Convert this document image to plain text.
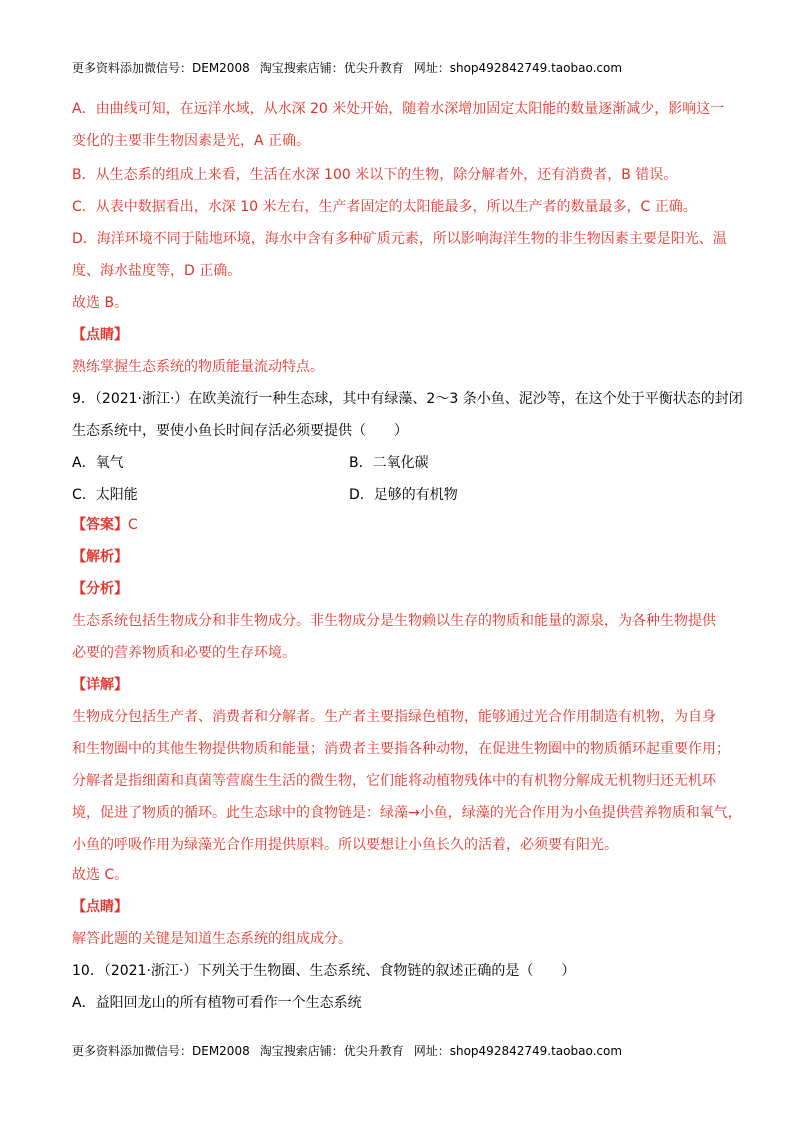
更多资料添加微信号：DEM2008 淘宝搜索店铺：优尖升教育 网址：shop492842749.taobao.com
A．由曲线可知，在远洋水域，从水深 20 米处开始，随着水深增加固定太阳能的数量逐渐减少，影响这一
变化的主要非生物因素是光，A 正确。
B．从生态系的组成上来看，生活在水深 100 米以下的生物，除分解者外，还有消费者，B 错误。
C．从表中数据看出，水深 10 米左右，生产者固定的太阳能最多，所以生产者的数量最多，C 正确。
D．海洋环境不同于陆地环境，海水中含有多种矿质元素，所以影响海洋生物的非生物因素主要是阳光、温
度、海水盐度等，D 正确。
故选 B。
【点睛】
熟练掌握生态系统的物质能量流动特点。
9．（2021·浙江·）在欧美流行一种生态球，其中有绿藻、2～3 条小鱼、泥沙等，在这个处于平衡状态的封闭
生态系统中，要使小鱼长时间存活必须要提供（　　）
A．氧气	B．二氧化碳
C．太阳能	D．足够的有机物
【答案】C
【解析】
【分析】
生态系统包括生物成分和非生物成分。非生物成分是生物赖以生存的物质和能量的源泉，为各种生物提供
必要的营养物质和必要的生存环境。
【详解】
生物成分包括生产者、消费者和分解者。生产者主要指绿色植物，能够通过光合作用制造有机物，为自身
和生物圈中的其他生物提供物质和能量；消费者主要指各种动物，在促进生物圈中的物质循环起重要作用；
分解者是指细菌和真菌等营腐生生活的微生物，它们能将动植物残体中的有机物分解成无机物归还无机环
境，促进了物质的循环。此生态球中的食物链是：绿藻→小鱼，绿藻的光合作用为小鱼提供营养物质和氧气，
小鱼的呼吸作用为绿藻光合作用提供原料。所以要想让小鱼长久的活着，必须要有阳光。
故选 C。
【点睛】
解答此题的关键是知道生态系统的组成成分。
10．（2021·浙江·）下列关于生物圈、生态系统、食物链的叙述正确的是（　　）
A．益阳回龙山的所有植物可看作一个生态系统
更多资料添加微信号：DEM2008 淘宝搜索店铺：优尖升教育 网址：shop492842749.taobao.com
